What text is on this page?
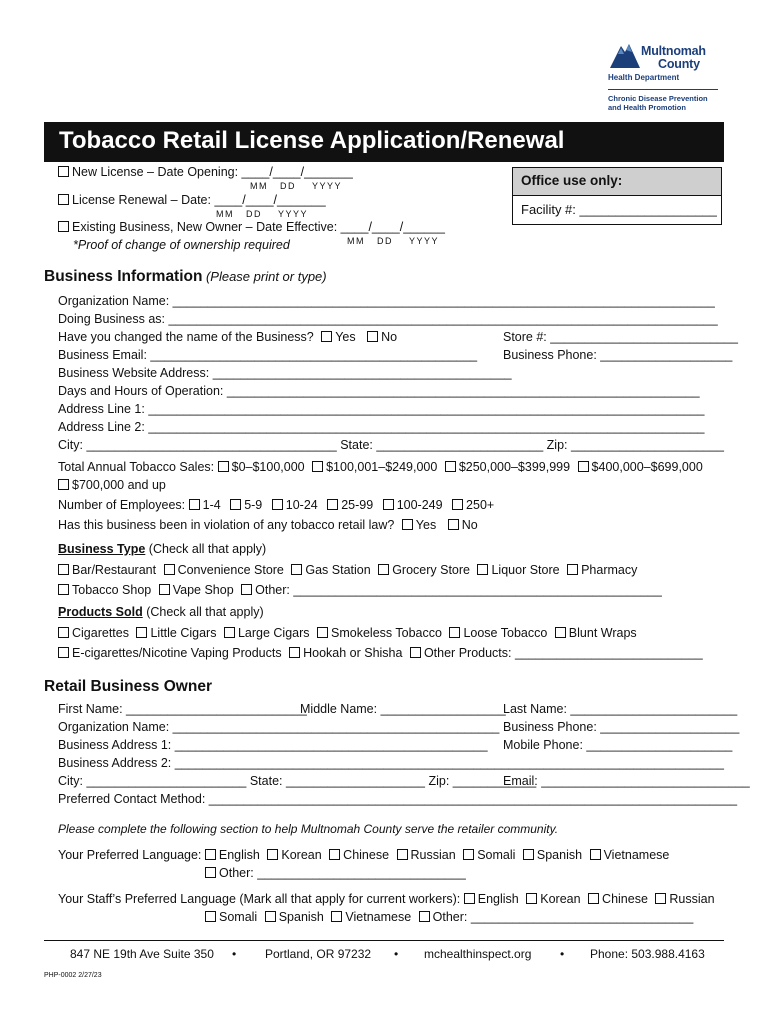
Multnomah
County
Health Department
Chronic Disease Prevention
and Health Promotion
Tobacco Retail License Application/Renewal
New License – Date Opening: ____/____/_______
MM DD YYYY
License Renewal – Date: ____/____/_______
MM DD YYYY
Existing Business, New Owner – Date Effective: ____/____/______
*Proof of change of ownership required	MM DD YYYY
Office use only:
Facility #: ___________________
Business Information (Please print or type)
Organization Name: ______________________________________________________________________________
Doing Business as: _______________________________________________________________________________
Have you changed the name of the Business? Yes No	Store #: ___________________________
Business Email: _______________________________________________ Business Phone: ___________________
Business Website Address: ___________________________________________
Days and Hours of Operation: ____________________________________________________________________
Address Line 1: ________________________________________________________________________________
Address Line 2: ________________________________________________________________________________
City: ____________________________________ State: ________________________ Zip: ______________________
Total Annual Tobacco Sales: $0–$100,000 $100,001–$249,000 $250,000–$399,999 $400,000–$699,000
$700,000 and up
Number of Employees: 1-4 5-9 10-24 25-99 100-249 250+
Has this business been in violation of any tobacco retail law? Yes No
Business Type (Check all that apply)
Bar/Restaurant Convenience Store Gas Station Grocery Store Liquor Store Pharmacy
Tobacco Shop Vape Shop Other: _____________________________________________________
Products Sold (Check all that apply)
Cigarettes Little Cigars Large Cigars Smokeless Tobacco Loose Tobacco Blunt Wraps
E-cigarettes/Nicotine Vaping Products Hookah or Shisha Other Products: ___________________________
Retail Business Owner
First Name: __________________________
Middle Name: __________________
Last Name: ________________________
Organization Name: _______________________________________________ Business Phone: ____________________
Business Address 1: _____________________________________________ Mobile Phone: _____________________
Business Address 2: _______________________________________________________________________________
City: _______________________ State: ____________________ Zip: ____________
Email: ______________________________
Preferred Contact Method: ____________________________________________________________________________
Please complete the following section to help Multnomah County serve the retailer community.
Your Preferred Language: English Korean Chinese Russian Somali Spanish Vietnamese
Other: ______________________________
Your Staff’s Preferred Language (Mark all that apply for current workers): English Korean Chinese Russian
Somali Spanish Vietnamese Other: ________________________________
847 NE 19th Ave Suite 350 • Portland, OR 97232 • mchealthinspect.org • Phone: 503.988.4163
PHP-0002 2/27/23
